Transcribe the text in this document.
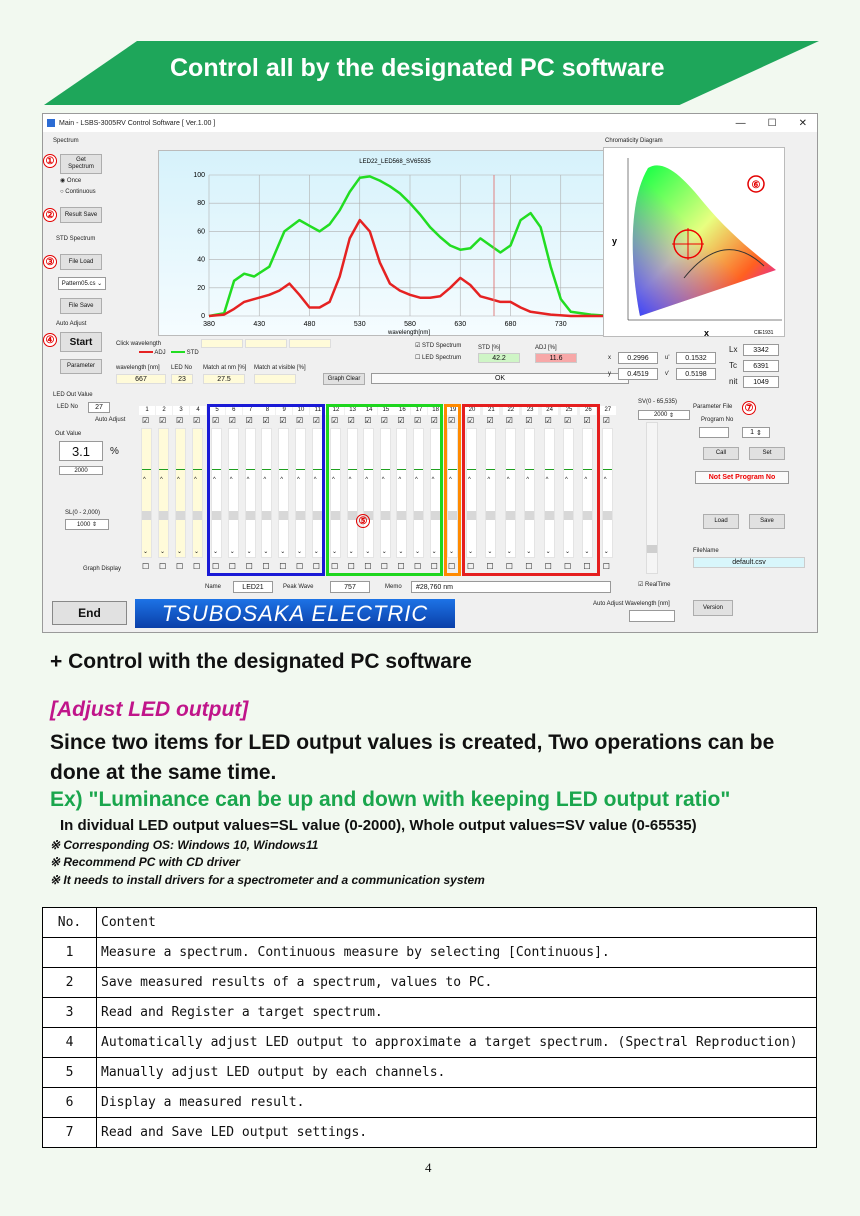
Control all by the designated PC software
Main - LSBS-3005RV Control Software [ Ver.1.00 ]	— ☐ ✕
Spectrum
①	Get
Spectrum
◉ Once
○ Continuous
②	Result Save
STD Spectrum
③	File Load
Pattern05.cs ⌄
File Save
Auto Adjust
④	Start
Parameter
0
20
40
60
80
100
380	430	480	530	580	630	680	730
LED22_LED568_SV65535
wavelength[nm]
Click wavelength
ADJ	STD
wavelength [nm]
667
LED No
23
Match at nm [%]
27.5
Match at visible [%]
Graph Clear
☑ STD Spectrum
☐ LED Spectrum
STD [%]
42.2
ADJ [%]
11.6
OK
Chromaticity Diagram
y
x	CIE1931
⑥
x	0.2996
y	0.4519
u'	0.1532
v'	0.5198
Lx	3342
Tc	6391
nit	1049
LED Out Value
LED No	27
Auto Adjust
Out Value
3.1	%
2000
SL(0 - 2,000)
1000 ⇕
Graph Display
1
☑
^
⌄
☐
2
☑
^
⌄
☐
3
☑
^
⌄
☐
4
☑
^
⌄
☐
5
☑
^
⌄
☐
6
☑
^
⌄
☐
7
☑
^
⌄
☐
8
☑
^
⌄
☐
9
☑
^
⌄
☐
10
☑
^
⌄
☐
11
☑
^
⌄
☐
12
☑
^
⌄
☐
13
☑
^
⌄
☐
14
☑
^
⌄
☐
15
☑
^
⌄
☐
16
☑
^
⌄
☐
17
☑
^
⌄
☐
18
☑
^
⌄
☐
19
☑
^
⌄
☐
20
☑
^
⌄
☐
21
☑
^
⌄
☐
22
☑
^
⌄
☐
23
☑
^
⌄
☐
24
☑
^
⌄
☐
25
☑
^
⌄
☐
26
☑
^
⌄
☐
27
☑
^
⌄
☐
⑤
Name	LED21	Peak Wave	757	Memo	#28,760 nm
SV(0 - 65,535)
2000 ⇕
☑ RealTime
Parameter File ⑦
Program No
1 ⇕
Call	Set
Not Set Program No
Load	Save
FileName
default.csv
Auto Adjust Wavelength [nm]
Version
End	TSUBOSAKA ELECTRIC
+ Control with the designated PC software
[Adjust LED output]
Since two items for LED output values is created, Two operations can be done at the same time.
Ex) "Luminance can be up and down with keeping LED output ratio"
In dividual LED output values=SL value (0-2000), Whole output values=SV value (0-65535)
※ Corresponding OS: Windows 10, Windows11
※ Recommend PC with CD driver
※ It needs to install drivers for a spectrometer and a communication system
No.	Content
1	Measure a spectrum. Continuous measure by selecting [Continuous].
2	Save measured results of a spectrum, values to PC.
3	Read and Register a target spectrum.
4	Automatically adjust LED output to approximate a target spectrum. (Spectral Reproduction)
5	Manually adjust LED output by each channels.
6	Display a measured result.
7	Read and Save LED output settings.
4
